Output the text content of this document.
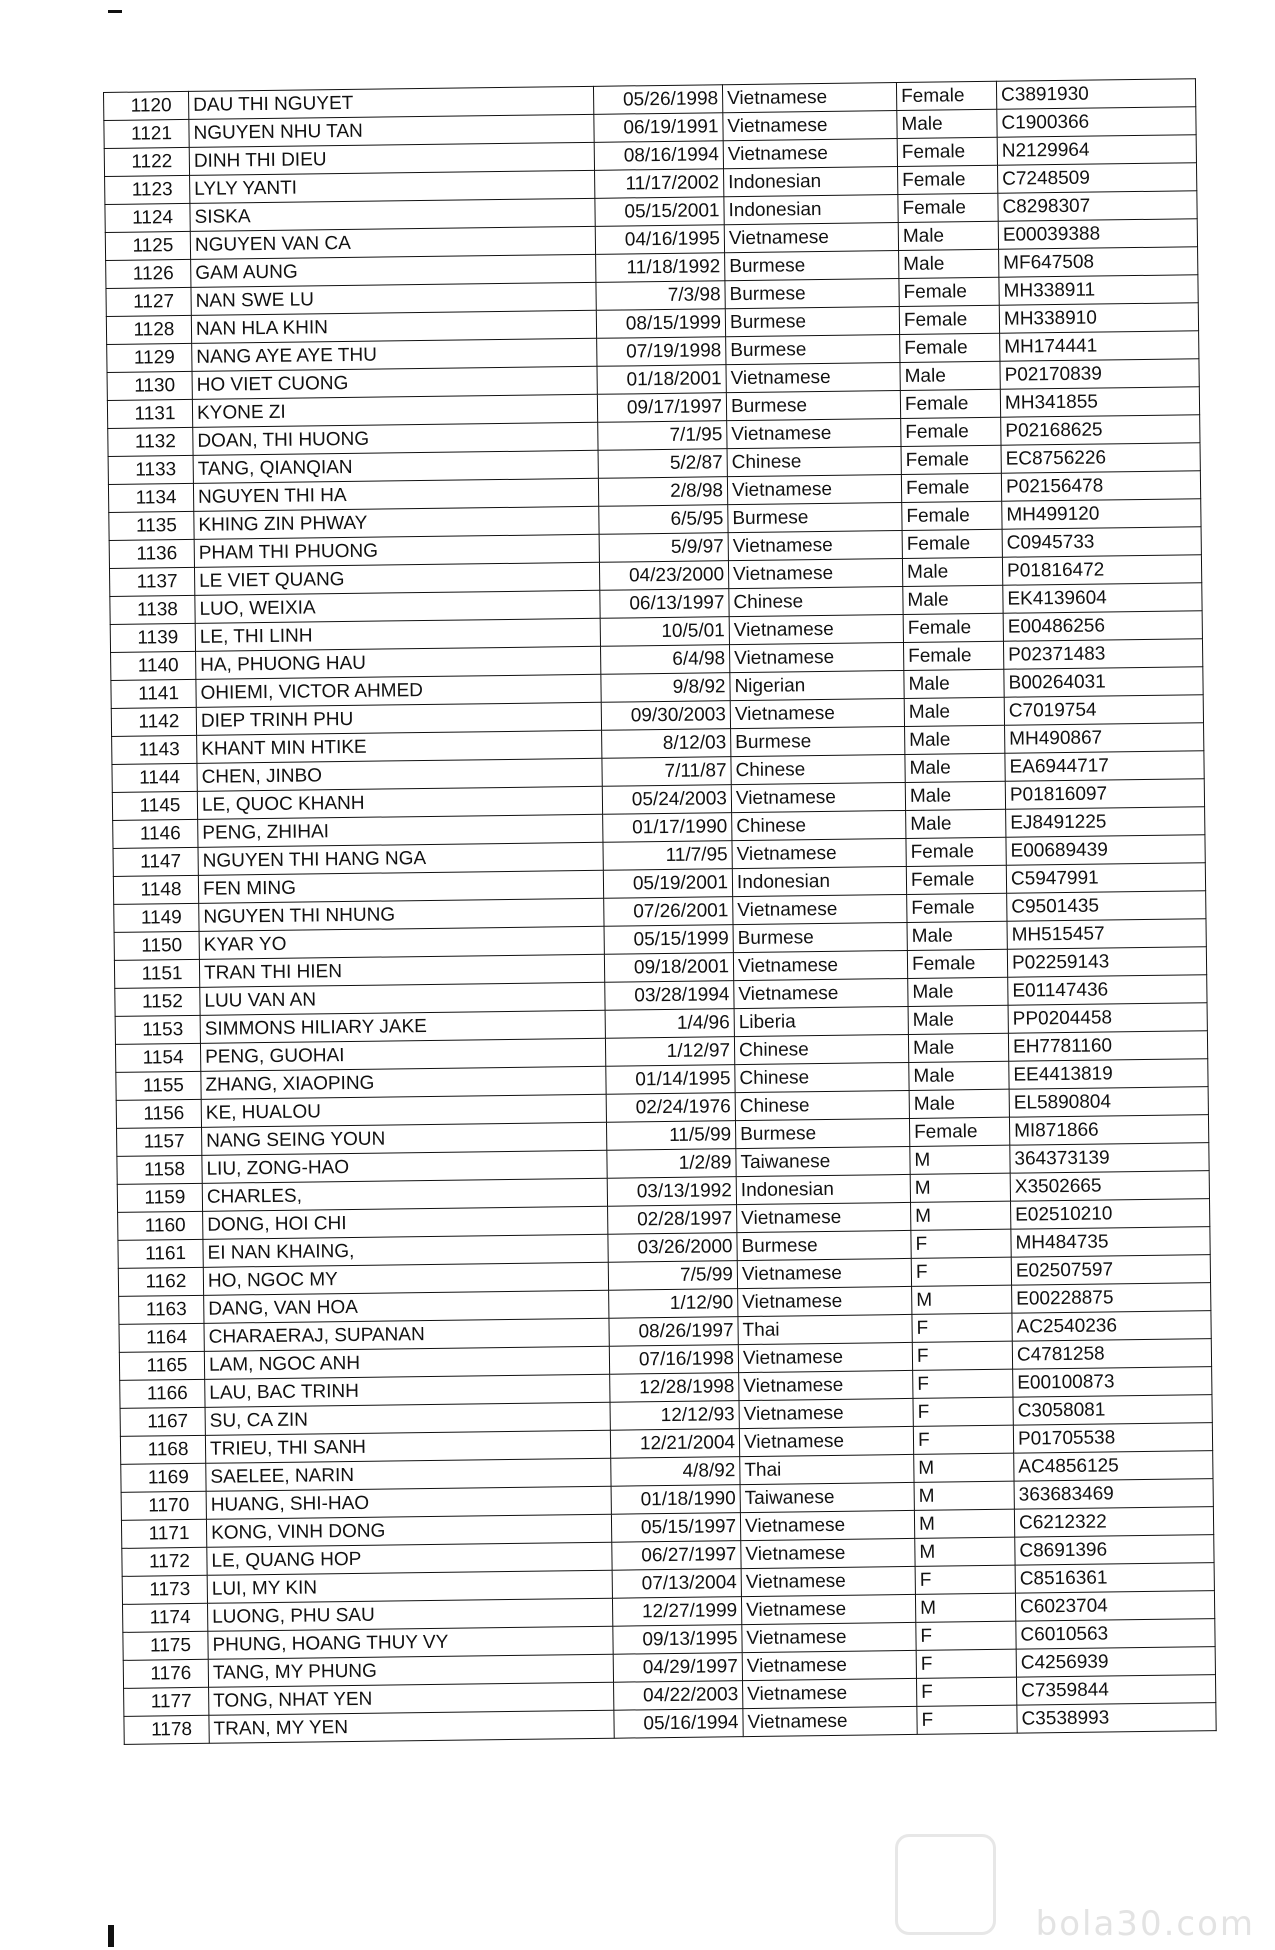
1120	DAU THI NGUYET	05/26/1998	Vietnamese	Female	C3891930
1121	NGUYEN NHU TAN	06/19/1991	Vietnamese	Male	C1900366
1122	DINH THI DIEU	08/16/1994	Vietnamese	Female	N2129964
1123	LYLY YANTI	11/17/2002	Indonesian	Female	C7248509
1124	SISKA	05/15/2001	Indonesian	Female	C8298307
1125	NGUYEN VAN CA	04/16/1995	Vietnamese	Male	E00039388
1126	GAM AUNG	11/18/1992	Burmese	Male	MF647508
1127	NAN SWE LU	7/3/98	Burmese	Female	MH338911
1128	NAN HLA KHIN	08/15/1999	Burmese	Female	MH338910
1129	NANG AYE AYE THU	07/19/1998	Burmese	Female	MH174441
1130	HO VIET CUONG	01/18/2001	Vietnamese	Male	P02170839
1131	KYONE ZI	09/17/1997	Burmese	Female	MH341855
1132	DOAN, THI HUONG	7/1/95	Vietnamese	Female	P02168625
1133	TANG, QIANQIAN	5/2/87	Chinese	Female	EC8756226
1134	NGUYEN THI HA	2/8/98	Vietnamese	Female	P02156478
1135	KHING ZIN PHWAY	6/5/95	Burmese	Female	MH499120
1136	PHAM THI PHUONG	5/9/97	Vietnamese	Female	C0945733
1137	LE VIET QUANG	04/23/2000	Vietnamese	Male	P01816472
1138	LUO, WEIXIA	06/13/1997	Chinese	Male	EK4139604
1139	LE, THI LINH	10/5/01	Vietnamese	Female	E00486256
1140	HA, PHUONG HAU	6/4/98	Vietnamese	Female	P02371483
1141	OHIEMI, VICTOR AHMED	9/8/92	Nigerian	Male	B00264031
1142	DIEP TRINH PHU	09/30/2003	Vietnamese	Male	C7019754
1143	KHANT MIN HTIKE	8/12/03	Burmese	Male	MH490867
1144	CHEN, JINBO	7/11/87	Chinese	Male	EA6944717
1145	LE, QUOC KHANH	05/24/2003	Vietnamese	Male	P01816097
1146	PENG, ZHIHAI	01/17/1990	Chinese	Male	EJ8491225
1147	NGUYEN THI HANG NGA	11/7/95	Vietnamese	Female	E00689439
1148	FEN MING	05/19/2001	Indonesian	Female	C5947991
1149	NGUYEN THI NHUNG	07/26/2001	Vietnamese	Female	C9501435
1150	KYAR YO	05/15/1999	Burmese	Male	MH515457
1151	TRAN THI HIEN	09/18/2001	Vietnamese	Female	P02259143
1152	LUU VAN AN	03/28/1994	Vietnamese	Male	E01147436
1153	SIMMONS HILIARY JAKE	1/4/96	Liberia	Male	PP0204458
1154	PENG, GUOHAI	1/12/97	Chinese	Male	EH7781160
1155	ZHANG, XIAOPING	01/14/1995	Chinese	Male	EE4413819
1156	KE, HUALOU	02/24/1976	Chinese	Male	EL5890804
1157	NANG SEING YOUN	11/5/99	Burmese	Female	MI871866
1158	LIU, ZONG-HAO	1/2/89	Taiwanese	M	364373139
1159	CHARLES,	03/13/1992	Indonesian	M	X3502665
1160	DONG, HOI CHI	02/28/1997	Vietnamese	M	E02510210
1161	EI NAN KHAING,	03/26/2000	Burmese	F	MH484735
1162	HO, NGOC MY	7/5/99	Vietnamese	F	E02507597
1163	DANG, VAN HOA	1/12/90	Vietnamese	M	E00228875
1164	CHARAERAJ, SUPANAN	08/26/1997	Thai	F	AC2540236
1165	LAM, NGOC ANH	07/16/1998	Vietnamese	F	C4781258
1166	LAU, BAC TRINH	12/28/1998	Vietnamese	F	E00100873
1167	SU, CA ZIN	12/12/93	Vietnamese	F	C3058081
1168	TRIEU, THI SANH	12/21/2004	Vietnamese	F	P01705538
1169	SAELEE, NARIN	4/8/92	Thai	M	AC4856125
1170	HUANG, SHI-HAO	01/18/1990	Taiwanese	M	363683469
1171	KONG, VINH DONG	05/15/1997	Vietnamese	M	C6212322
1172	LE, QUANG HOP	06/27/1997	Vietnamese	M	C8691396
1173	LUI, MY KIN	07/13/2004	Vietnamese	F	C8516361
1174	LUONG, PHU SAU	12/27/1999	Vietnamese	M	C6023704
1175	PHUNG, HOANG THUY VY	09/13/1995	Vietnamese	F	C6010563
1176	TANG, MY PHUNG	04/29/1997	Vietnamese	F	C4256939
1177	TONG, NHAT YEN	04/22/2003	Vietnamese	F	C7359844
1178	TRAN, MY YEN	05/16/1994	Vietnamese	F	C3538993
bola30.com
